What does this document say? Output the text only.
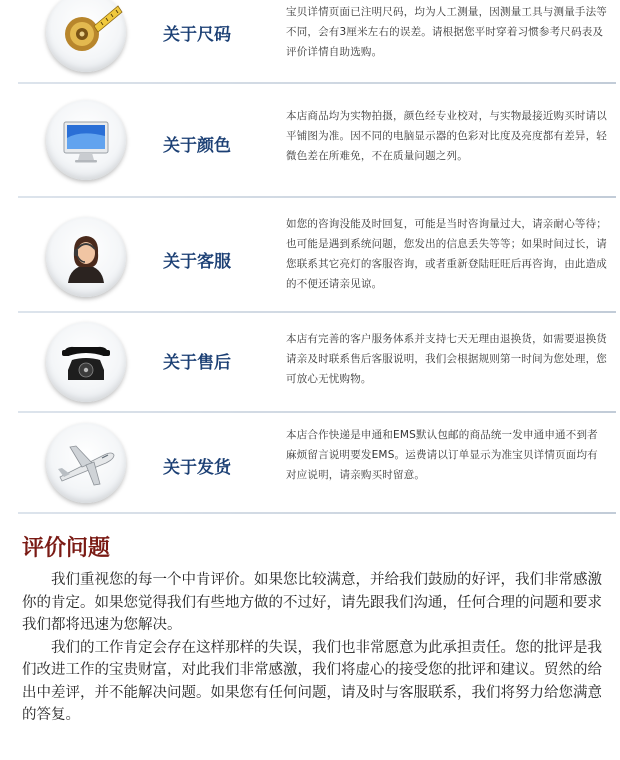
关于尺码
宝贝详情页面已注明尺码，均为人工测量，因测量工具与测量手法等不同，会有3厘米左右的误差。请根据您平时穿着习惯参考尺码表及评价详情自助选购。
关于颜色
本店商品均为实物拍摄，颜色经专业校对，与实物最接近购买时请以平铺图为准。因不同的电脑显示器的色彩对比度及亮度都有差异，轻微色差在所难免，不在质量问题之列。
关于客服
如您的咨询没能及时回复，可能是当时咨询量过大，请亲耐心等待；也可能是遇到系统问题，您发出的信息丢失等等；如果时间过长，请您联系其它亮灯的客服咨询，或者重新登陆旺旺后再咨询，由此造成的不便还请亲见谅。
关于售后
本店有完善的客户服务体系并支持七天无理由退换货，如需要退换货请亲及时联系售后客服说明，我们会根据规则第一时间为您处理，您可放心无忧购物。
关于发货
本店合作快递是申通和EMS默认包邮的商品统一发申通申通不到者麻烦留言说明要发EMS。运费请以订单显示为准宝贝详情页面均有对应说明，请亲购买时留意。
评价问题

我们重视您的每一个中肯评价。如果您比较满意，并给我们鼓励的好评，我们非常感激你的肯定。如果您觉得我们有些地方做的不过好，请先跟我们沟通，任何合理的问题和要求我们都将迅速为您解决。

我们的工作肯定会存在这样那样的失误，我们也非常愿意为此承担责任。您的批评是我们改进工作的宝贵财富，对此我们非常感激，我们将虚心的接受您的批评和建议。贸然的给出中差评，并不能解决问题。如果您有任何问题，请及时与客服联系，我们将努力给您满意的答复。
